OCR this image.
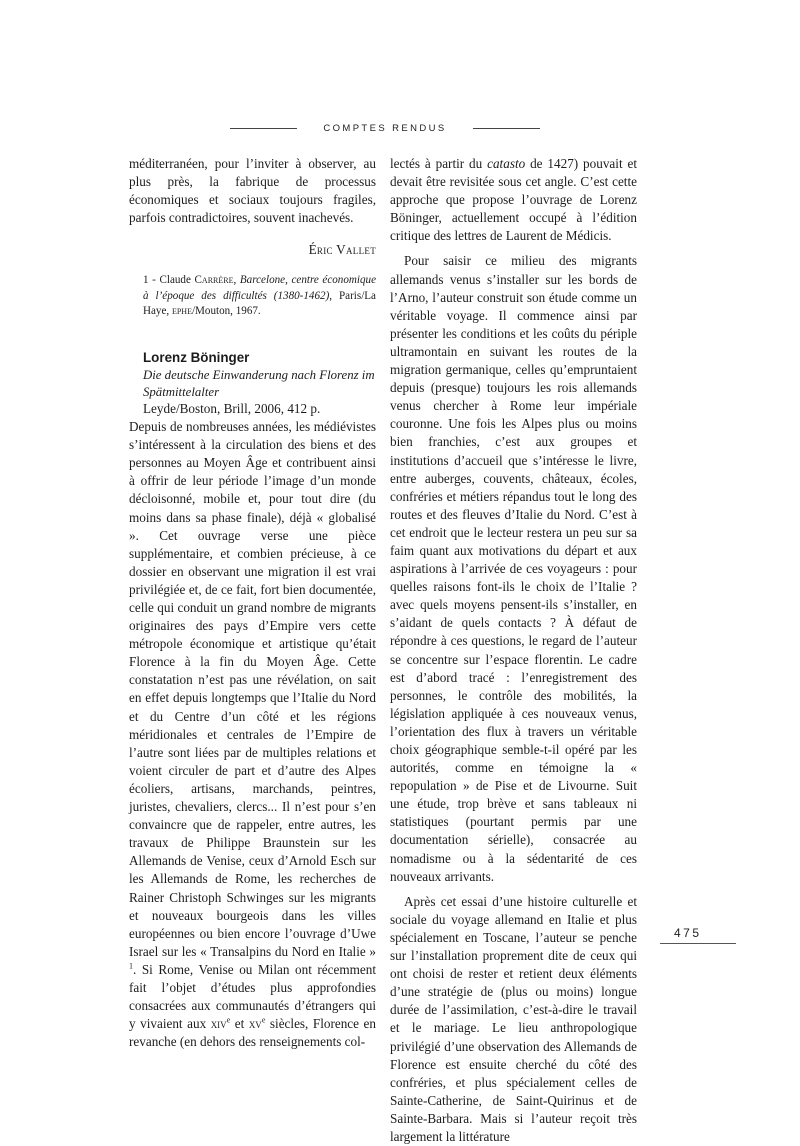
COMPTES RENDUS

méditerranéen, pour l’inviter à observer, au plus près, la fabrique de processus économiques et sociaux toujours fragiles, parfois contradictoires, souvent inachevés.

Éric Vallet
1 - Claude Carrère, Barcelone, centre économique à l’époque des difficultés (1380-1462), Paris/La Haye, ephe/Mouton, 1967.
Lorenz Böninger
Die deutsche Einwanderung nach Florenz im Spätmittelalter
Leyde/Boston, Brill, 2006, 412 p.

Depuis de nombreuses années, les médiévistes s’intéressent à la circulation des biens et des personnes au Moyen Âge et contribuent ainsi à offrir de leur période l’image d’un monde décloisonné, mobile et, pour tout dire (du moins dans sa phase finale), déjà « globalisé ». Cet ouvrage verse une pièce supplémentaire, et combien précieuse, à ce dossier en observant une migration il est vrai privilégiée et, de ce fait, fort bien documentée, celle qui conduit un grand nombre de migrants originaires des pays d’Empire vers cette métropole économique et artistique qu’était Florence à la fin du Moyen Âge. Cette constatation n’est pas une révélation, on sait en effet depuis longtemps que l’Italie du Nord et du Centre d’un côté et les régions méridionales et centrales de l’Empire de l’autre sont liées par de multiples relations et voient circuler de part et d’autre des Alpes écoliers, artisans, marchands, peintres, juristes, chevaliers, clercs... Il n’est pour s’en convaincre que de rappeler, entre autres, les travaux de Philippe Braunstein sur les Allemands de Venise, ceux d’Arnold Esch sur les Allemands de Rome, les recherches de Rainer Christoph Schwinges sur les migrants et nouveaux bourgeois dans les villes européennes ou bien encore l’ouvrage d’Uwe Israel sur les « Transalpins du Nord en Italie » $^1$. Si Rome, Venise ou Milan ont récemment fait l’objet d’études plus approfondies consacrées aux communautés d’étrangers qui y vivaient aux xiv$^e$ et $xv^e$ siècles, Florence en revanche (en dehors des renseignements col-

lectés à partir du catasto de 1427) pouvait et devait être revisitée sous cet angle. C’est cette approche que propose l’ouvrage de Lorenz Böninger, actuellement occupé à l’édition critique des lettres de Laurent de Médicis.

Pour saisir ce milieu des migrants allemands venus s’installer sur les bords de l’Arno, l’auteur construit son étude comme un véritable voyage. Il commence ainsi par présenter les conditions et les coûts du périple ultramontain en suivant les routes de la migration germanique, celles qu’empruntaient depuis (presque) toujours les rois allemands venus chercher à Rome leur impériale couronne. Une fois les Alpes plus ou moins bien franchies, c’est aux groupes et institutions d’accueil que s’intéresse le livre, entre auberges, couvents, châteaux, écoles, confréries et métiers répandus tout le long des routes et des fleuves d’Italie du Nord. C’est à cet endroit que le lecteur restera un peu sur sa faim quant aux motivations du départ et aux aspirations à l’arrivée de ces voyageurs : pour quelles raisons font-ils le choix de l’Italie ? avec quels moyens pensent-ils s’installer, en s’aidant de quels contacts ? À défaut de répondre à ces questions, le regard de l’auteur se concentre sur l’espace florentin. Le cadre est d’abord tracé : l’enregistrement des personnes, le contrôle des mobilités, la législation appliquée à ces nouveaux venus, l’orientation des flux à travers un véritable choix géographique semble-t-il opéré par les autorités, comme en témoigne la « repopulation » de Pise et de Livourne. Suit une étude, trop brève et sans tableaux ni statistiques (pourtant permis par une documentation sérielle), consacrée au nomadisme ou à la sédentarité de ces nouveaux arrivants.

Après cet essai d’une histoire culturelle et sociale du voyage allemand en Italie et plus spécialement en Toscane, l’auteur se penche sur l’installation proprement dite de ceux qui ont choisi de rester et retient deux éléments d’une stratégie de (plus ou moins) longue durée de l’assimilation, c’est-à-dire le travail et le mariage. Le lieu anthropologique privilégié d’une observation des Allemands de Florence est ensuite cherché du côté des confréries, et plus spécialement celles de Sainte-Catherine, de Saint-Quirinus et de Sainte-Barbara. Mais si l’auteur reçoit très largement la littérature

475
